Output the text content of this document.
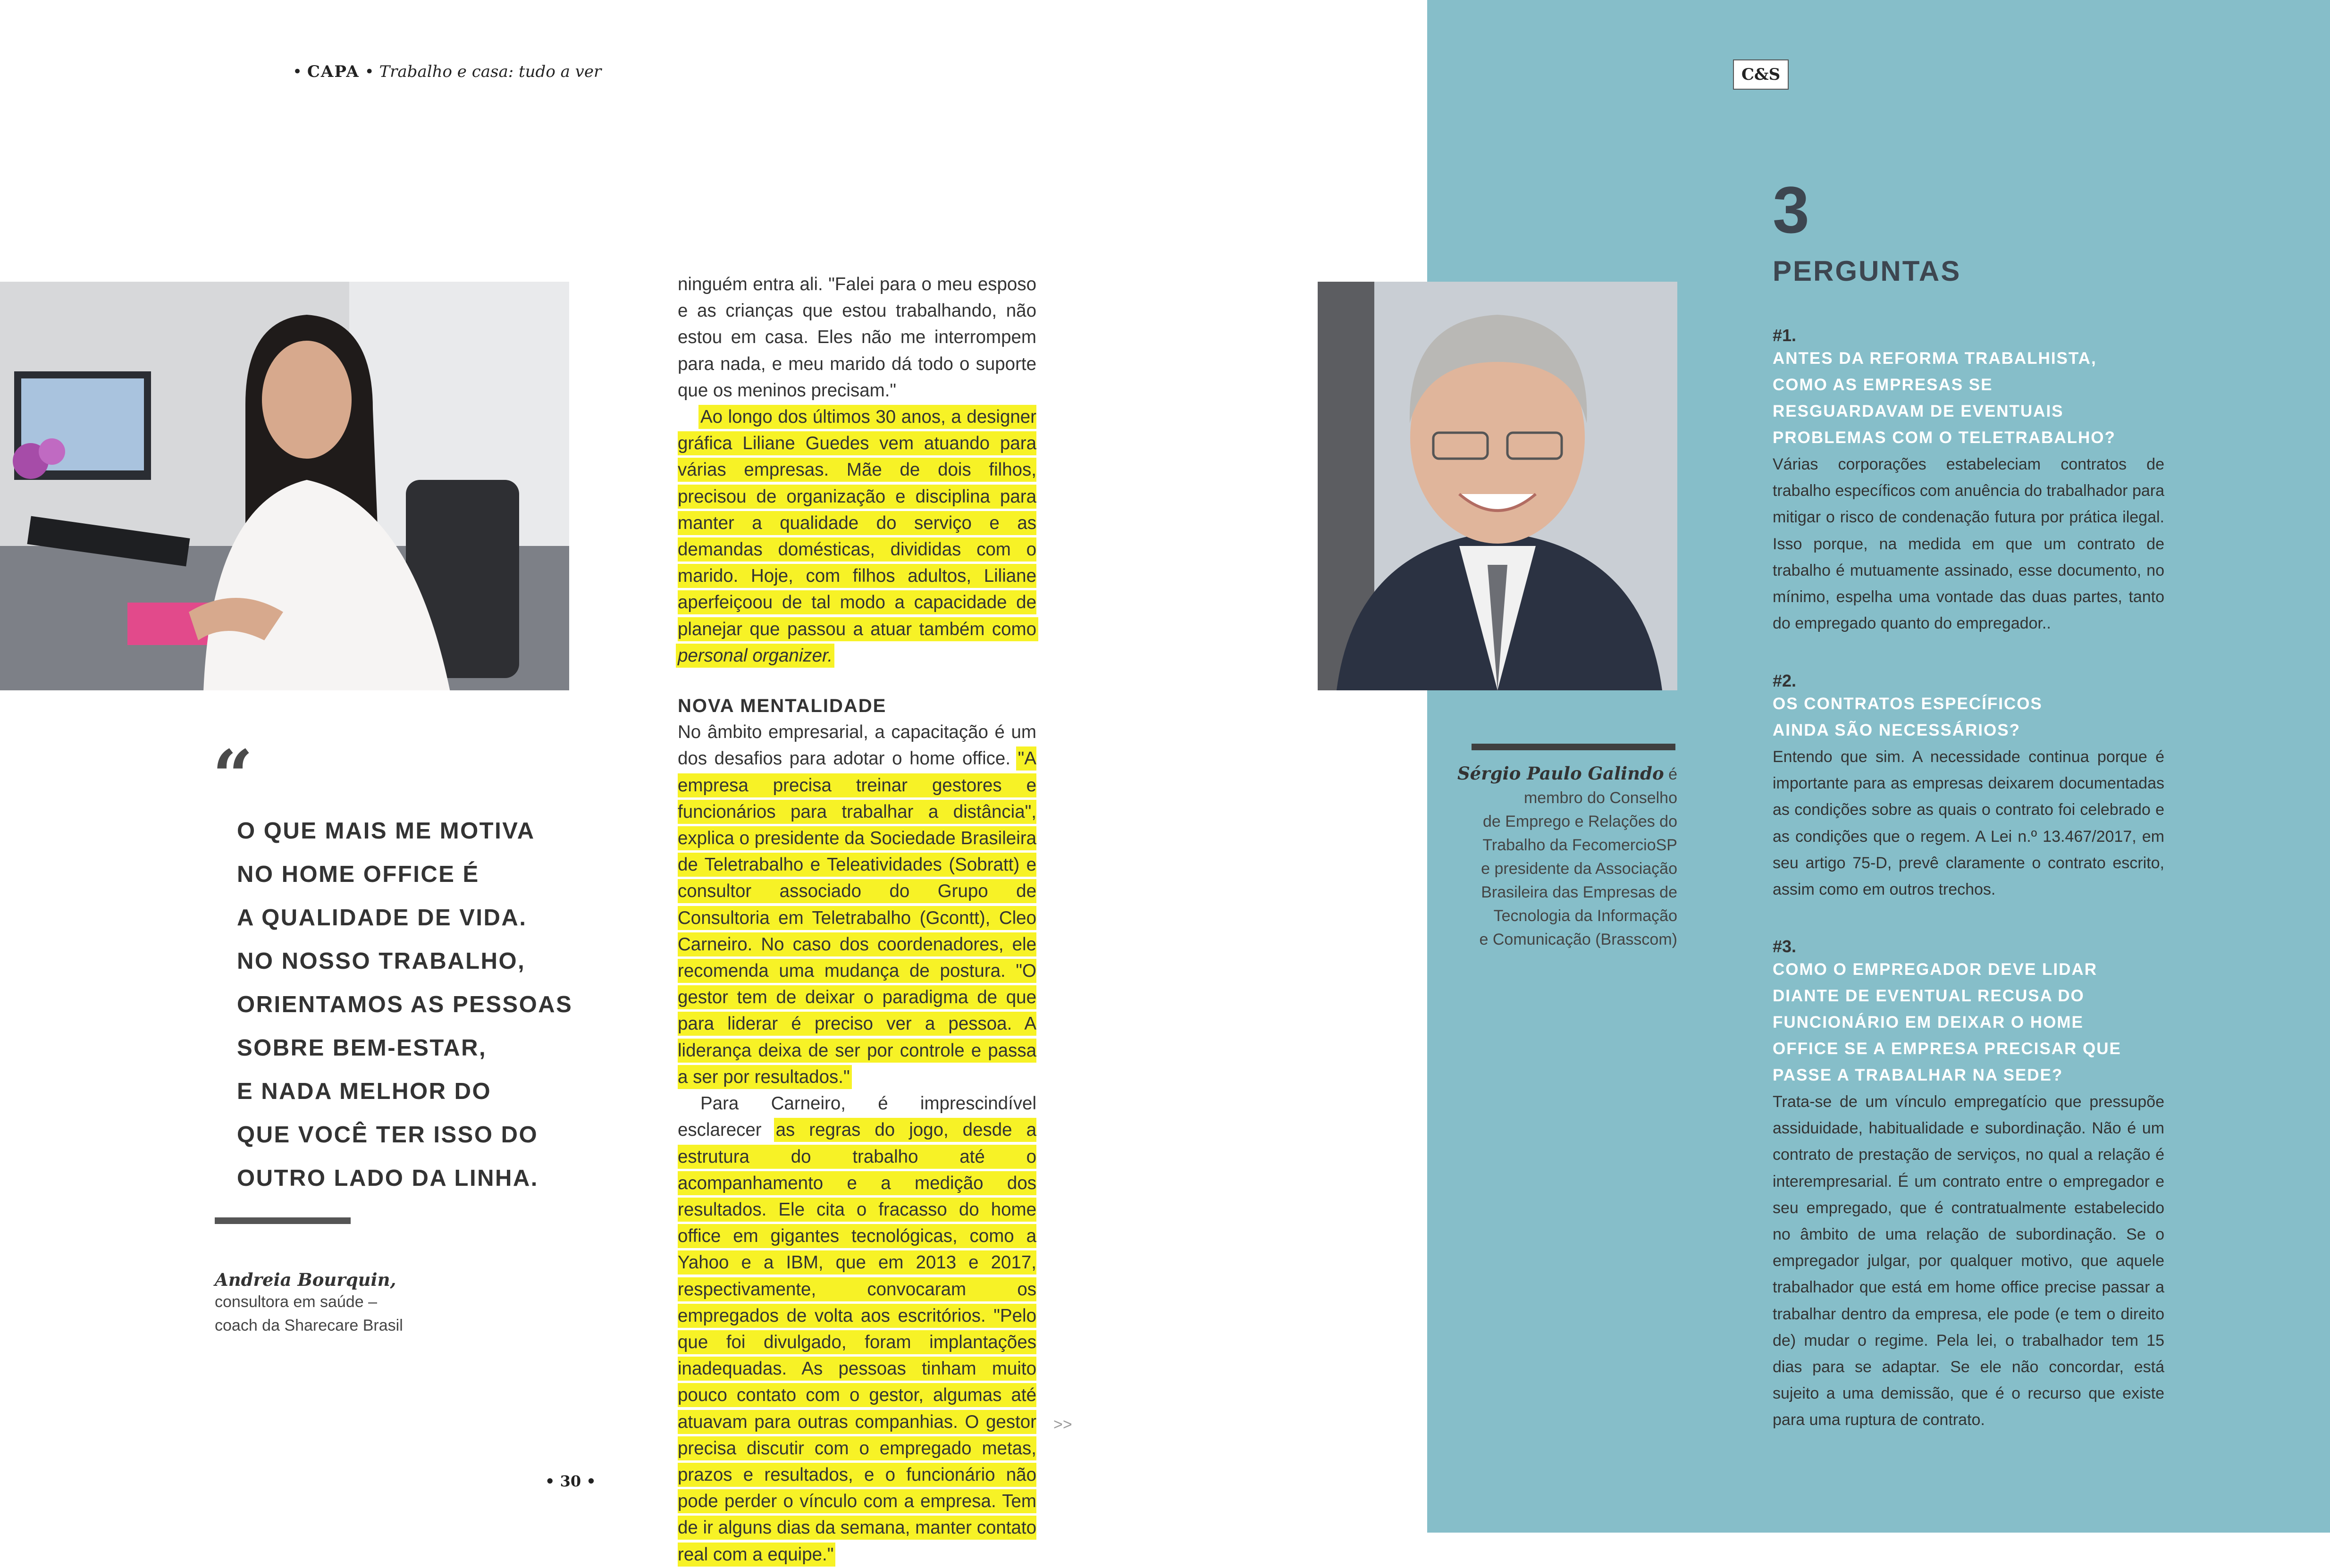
• CAPA • Trabalho e casa: tudo a ver	C&S

ninguém entra ali. "Falei para o meu esposo e as crianças que estou trabalhando, não estou em casa. Eles não me interrompem para nada, e meu marido dá todo o suporte que os meninos precisam."

Ao longo dos últimos 30 anos, a designer gráfica Liliane Guedes vem atuando para várias empresas. Mãe de dois filhos, precisou de organização e disciplina para manter a qualidade do serviço e as demandas domésticas, divididas com o marido. Hoje, com filhos adultos, Liliane aperfeiçoou de tal modo a capacidade de planejar que passou a atuar também como personal organizer.

NOVA MENTALIDADE

No âmbito empresarial, a capacitação é um dos desafios para adotar o home office. "A empresa precisa treinar gestores e funcionários para trabalhar a distância", explica o presidente da Sociedade Brasileira de Teletrabalho e Teleatividades (Sobratt) e consultor associado do Grupo de Consultoria em Teletrabalho (Gcontt), Cleo Carneiro. No caso dos coordenadores, ele recomenda uma mudança de postura. "O gestor tem de deixar o paradigma de que para liderar é preciso ver a pessoa. A liderança deixa de ser por controle e passa a ser por resultados."

Para Carneiro, é imprescindível esclarecer as regras do jogo, desde a estrutura do trabalho até o acompanhamento e a medição dos resultados. Ele cita o fracasso do home office em gigantes tecnológicas, como a Yahoo e a IBM, que em 2013 e 2017, respectivamente, convocaram os empregados de volta aos escritórios. "Pelo que foi divulgado, foram implantações inadequadas. As pessoas tinham muito pouco contato com o gestor, algumas até atuavam para outras companhias. O gestor precisa discutir com o empregado metas, prazos e resultados, e o funcionário não pode perder o vínculo com a empresa. Tem de ir alguns dias da semana, manter contato real com a equipe."

>>
“
O QUE MAIS ME MOTIVA
NO HOME OFFICE É
A QUALIDADE DE VIDA.
NO NOSSO TRABALHO,
ORIENTAMOS AS PESSOAS
SOBRE BEM-ESTAR,
E NADA MELHOR DO
QUE VOCÊ TER ISSO DO
OUTRO LADO DA LINHA.
Andreia Bourquin,
consultora em saúde –
coach da Sharecare Brasil
Sérgio Paulo Galindo é
membro do Conselho
de Emprego e Relações do
Trabalho da FecomercioSP
e presidente da Associação
Brasileira das Empresas de
Tecnologia da Informação
e Comunicação (Brasscom)
• 30 •
3
PERGUNTAS

#1.

ANTES DA REFORMA TRABALHISTA, COMO AS EMPRESAS SE RESGUARDAVAM DE EVENTUAIS PROBLEMAS COM O TELETRABALHO?

Várias corporações estabeleciam contratos de trabalho específicos com anuência do trabalhador para mitigar o risco de condenação futura por prática ilegal. Isso porque, na medida em que um contrato de trabalho é mutuamente assinado, esse documento, no mínimo, espelha uma vontade das duas partes, tanto do empregado quanto do empregador..

#2.

OS CONTRATOS ESPECÍFICOS AINDA SÃO NECESSÁRIOS?

Entendo que sim. A necessidade continua porque é importante para as empresas deixarem documentadas as condições sobre as quais o contrato foi celebrado e as condições que o regem. A Lei n.º 13.467/2017, em seu artigo 75-D, prevê claramente o contrato escrito, assim como em outros trechos.

#3.

COMO O EMPREGADOR DEVE LIDAR DIANTE DE EVENTUAL RECUSA DO FUNCIONÁRIO EM DEIXAR O HOME OFFICE SE A EMPRESA PRECISAR QUE PASSE A TRABALHAR NA SEDE?

Trata-se de um vínculo empregatício que pressupõe assiduidade, habitualidade e subordinação. Não é um contrato de prestação de serviços, no qual a relação é interempresarial. É um contrato entre o empregador e seu empregado, que é contratualmente estabelecido no âmbito de uma relação de subordinação. Se o empregador julgar, por qualquer motivo, que aquele trabalhador que está em home office precise passar a trabalhar dentro da empresa, ele pode (e tem o direito de) mudar o regime. Pela lei, o trabalhador tem 15 dias para se adaptar. Se ele não concordar, está sujeito a uma demissão, que é o recurso que existe para uma ruptura de contrato.
